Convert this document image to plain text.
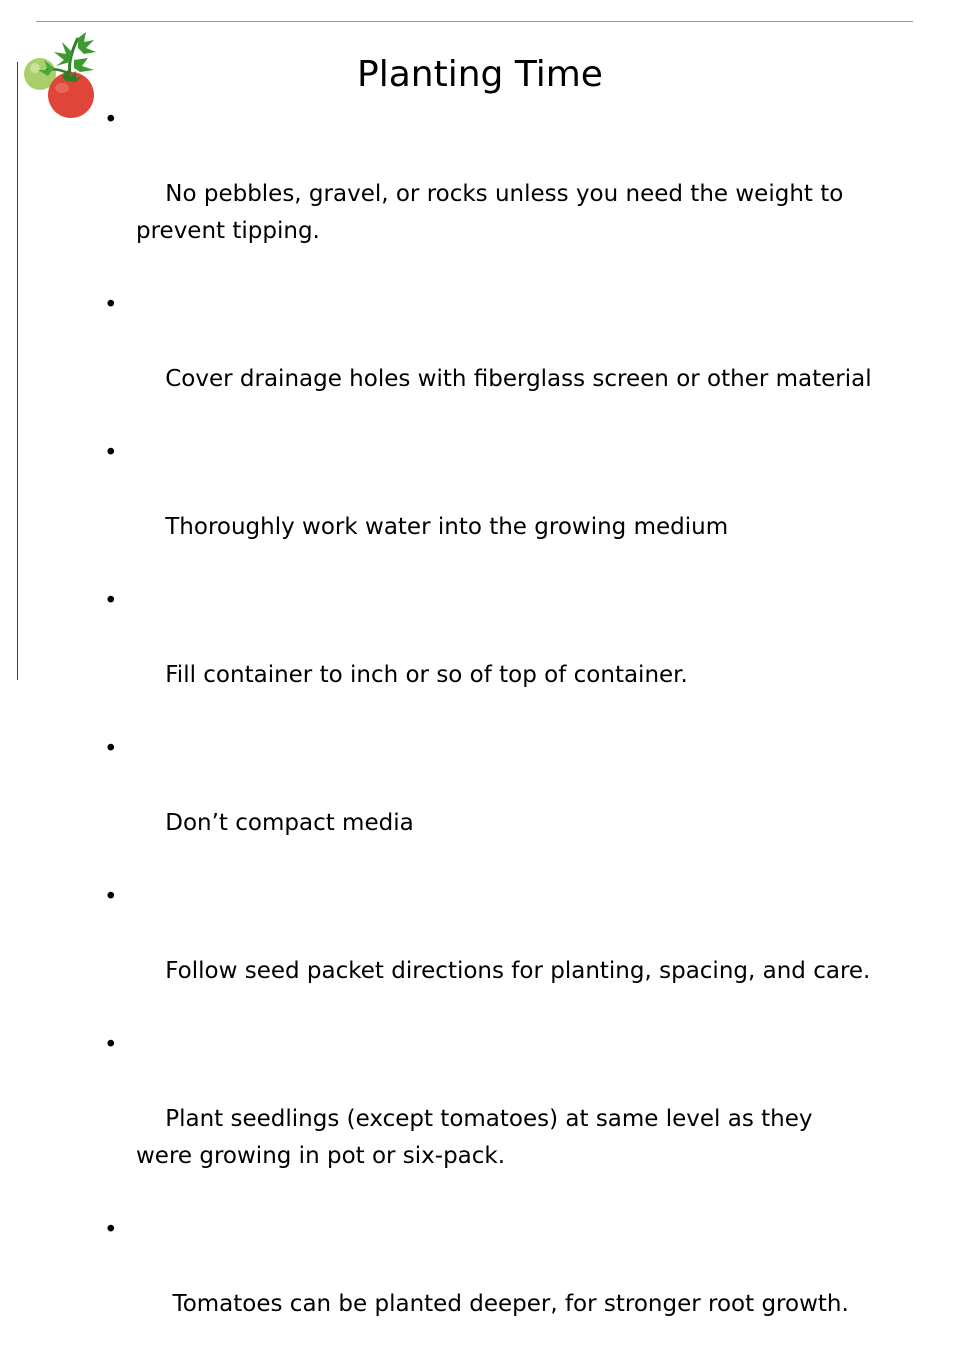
Planting Time

•

No pebbles, gravel, or rocks unless you need the weight to prevent tipping.

•

Cover drainage holes with fiberglass screen or other material

•

Thoroughly work water into the growing medium

•

Fill container to inch or so of top of container.

•

Don’t compact media

•

Follow seed packet directions for planting, spacing, and care.

•

Plant seedlings (except tomatoes) at same level as they were growing in pot or six-pack.

•

Tomatoes can be planted deeper, for stronger root growth.
